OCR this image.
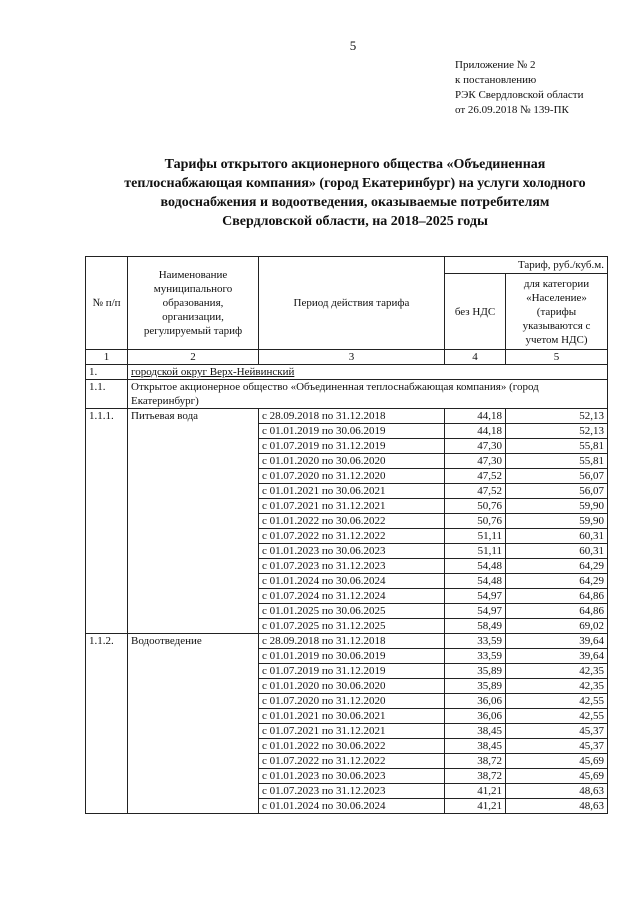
5
Приложение № 2
к постановлению
РЭК Свердловской области
от 26.09.2018 № 139-ПК
Тарифы открытого акционерного общества «Объединенная теплоснабжающая компания» (город Екатеринбург) на услуги холодного водоснабжения и водоотведения, оказываемые потребителям Свердловской области, на 2018–2025 годы
№ п/п	Наименование муниципального образования, организации, регулируемый тариф	Период действия тарифа	Тариф, руб./куб.м.	
			без НДС	для категории «Население» (тарифы указываются с учетом НДС)
1	2	3	4	5
1.	городской округ Верх-Нейвинский			
1.1.	Открытое акционерное общество «Объединенная теплоснабжающая компания» (город Екатеринбург)			
1.1.1.	Питьевая вода	с 28.09.2018 по 31.12.2018	44,18	52,13
		с 01.01.2019 по 30.06.2019	44,18	52,13
		с 01.07.2019 по 31.12.2019	47,30	55,81
		с 01.01.2020 по 30.06.2020	47,30	55,81
		с 01.07.2020 по 31.12.2020	47,52	56,07
		с 01.01.2021 по 30.06.2021	47,52	56,07
		с 01.07.2021 по 31.12.2021	50,76	59,90
		с 01.01.2022 по 30.06.2022	50,76	59,90
		с 01.07.2022 по 31.12.2022	51,11	60,31
		с 01.01.2023 по 30.06.2023	51,11	60,31
		с 01.07.2023 по 31.12.2023	54,48	64,29
		с 01.01.2024 по 30.06.2024	54,48	64,29
		с 01.07.2024 по 31.12.2024	54,97	64,86
		с 01.01.2025 по 30.06.2025	54,97	64,86
		с 01.07.2025 по 31.12.2025	58,49	69,02
1.1.2.	Водоотведение	с 28.09.2018 по 31.12.2018	33,59	39,64
		с 01.01.2019 по 30.06.2019	33,59	39,64
		с 01.07.2019 по 31.12.2019	35,89	42,35
		с 01.01.2020 по 30.06.2020	35,89	42,35
		с 01.07.2020 по 31.12.2020	36,06	42,55
		с 01.01.2021 по 30.06.2021	36,06	42,55
		с 01.07.2021 по 31.12.2021	38,45	45,37
		с 01.01.2022 по 30.06.2022	38,45	45,37
		с 01.07.2022 по 31.12.2022	38,72	45,69
		с 01.01.2023 по 30.06.2023	38,72	45,69
		с 01.07.2023 по 31.12.2023	41,21	48,63
		с 01.01.2024 по 30.06.2024	41,21	48,63
